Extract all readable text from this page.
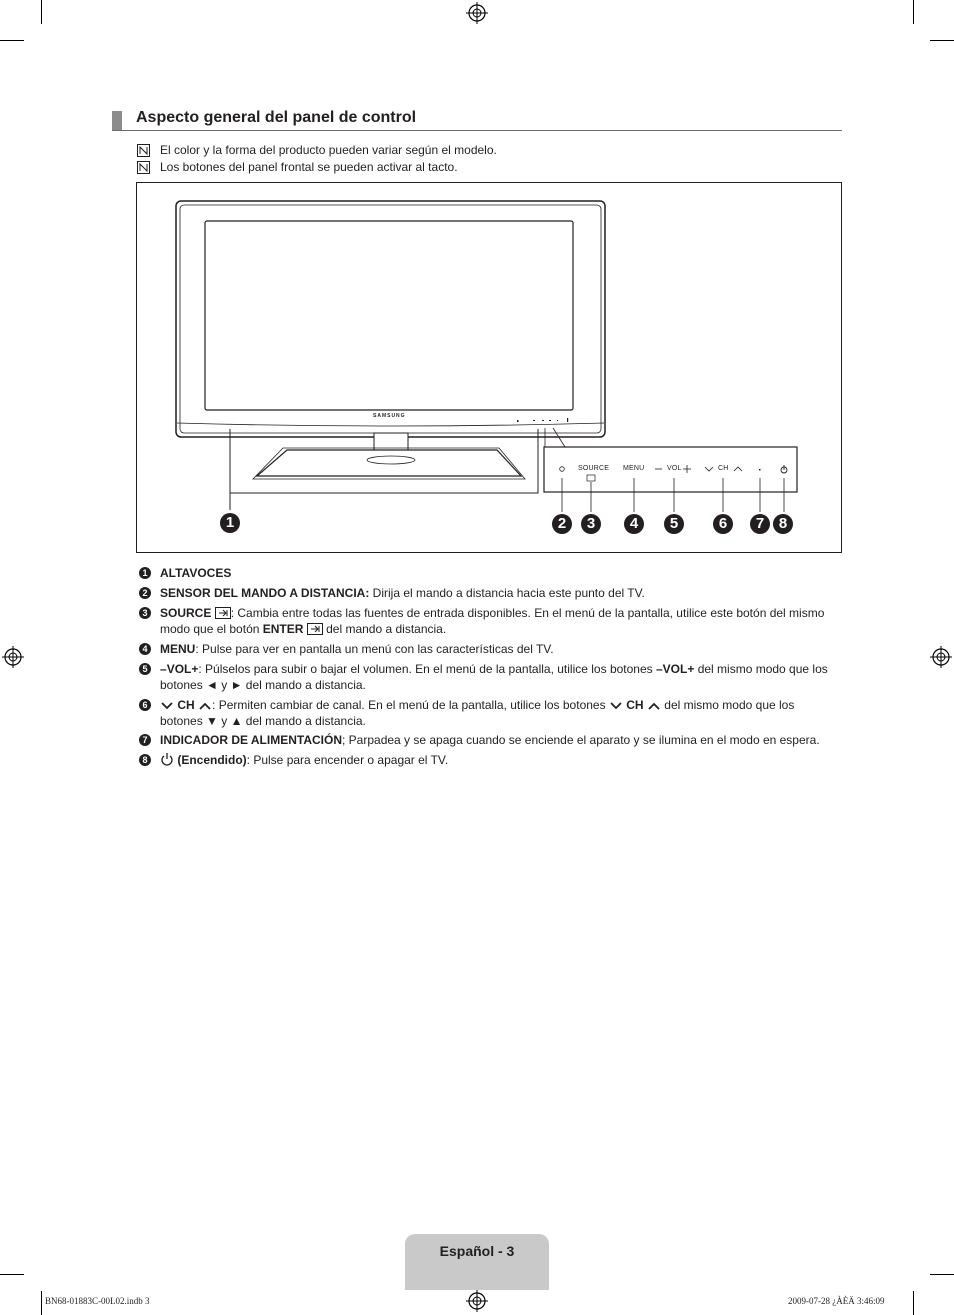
Aspecto general del panel de control
El color y la forma del producto pueden variar según el modelo.
Los botones del panel frontal se pueden activar al tacto.
SAMSUNG
SOURCE MENU	VOL	CH
1	2	3	4	5	6	7 8
1 ALTAVOCES
2 SENSOR DEL MANDO A DISTANCIA: Dirija el mando a distancia hacia este punto del TV.
3 SOURCE : Cambia entre todas las fuentes de entrada disponibles. En el menú de la pantalla, utilice este botón del mismo modo que el botón ENTER  del mando a distancia.
4 MENU: Pulse para ver en pantalla un menú con las características del TV.
5 –VOL+: Púlselos para subir o bajar el volumen. En el menú de la pantalla, utilice los botones –VOL+ del mismo modo que los botones ◄ y ► del mando a distancia.
6	CH : Permiten cambiar de canal. En el menú de la pantalla, utilice los botones  CH  del mismo modo que los botones ▼ y ▲ del mando a distancia.
7 INDICADOR DE ALIMENTACIÓN; Parpadea y se apaga cuando se enciende el aparato y se ilumina en el modo en espera.
8	(Encendido): Pulse para encender o apagar el TV.
Español - 3
BN68-01883C-00L02.indb 3	2009-07-28 ¿ÀÈÄ 3:46:09
